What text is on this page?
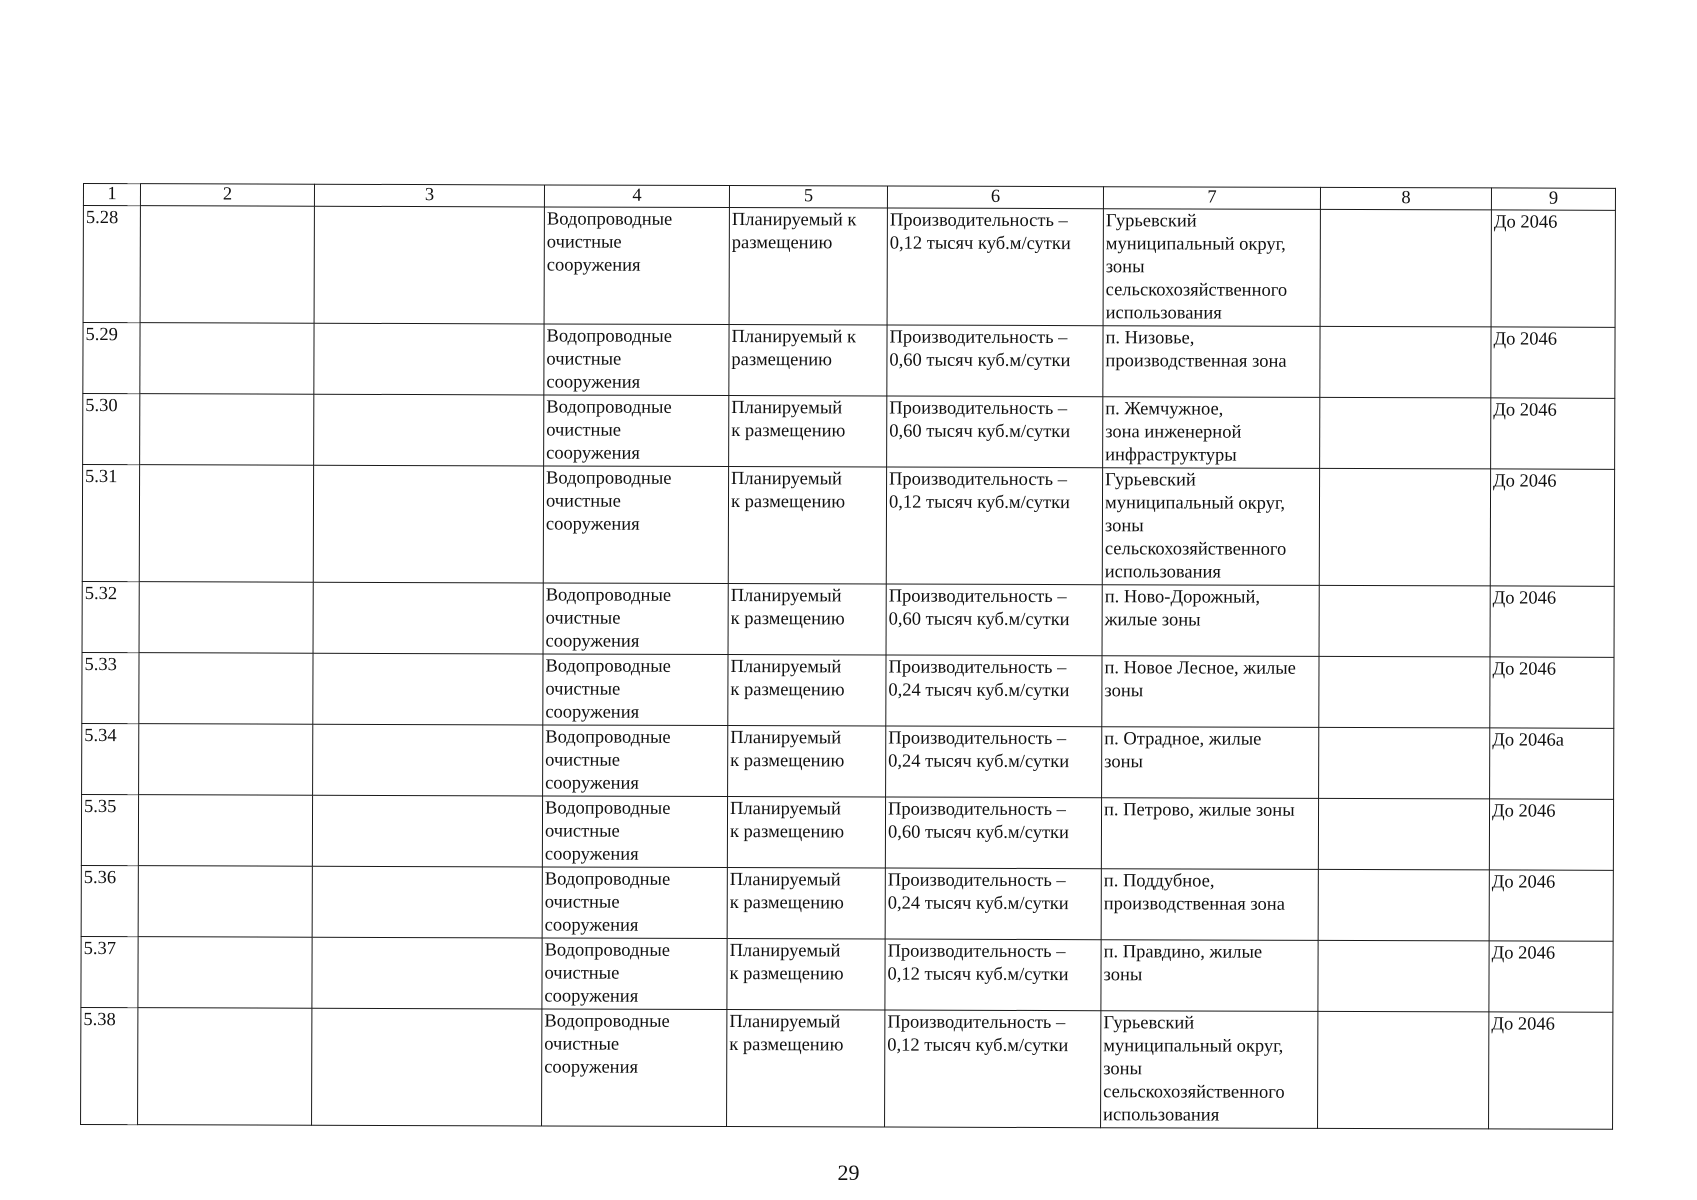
1	2	3	4	5	6	7	8	9
5.28			Водопроводные
очистные
сооружения	Планируемый к
размещению	Производительность –
0,12 тысяч куб.м/сутки	Гурьевский
муниципальный округ,
зоны
сельскохозяйственного
использования		До 2046
5.29			Водопроводные
очистные
сооружения	Планируемый к
размещению	Производительность –
0,60 тысяч куб.м/сутки	п. Низовье,
производственная зона		До 2046
5.30			Водопроводные
очистные
сооружения	Планируемый
к размещению	Производительность –
0,60 тысяч куб.м/сутки	п. Жемчужное,
зона инженерной
инфраструктуры		До 2046
5.31			Водопроводные
очистные
сооружения	Планируемый
к размещению	Производительность –
0,12 тысяч куб.м/сутки	Гурьевский
муниципальный округ,
зоны
сельскохозяйственного
использования		До 2046
5.32			Водопроводные
очистные
сооружения	Планируемый
к размещению	Производительность –
0,60 тысяч куб.м/сутки	п. Ново-Дорожный,
жилые зоны		До 2046
5.33			Водопроводные
очистные
сооружения	Планируемый
к размещению	Производительность –
0,24 тысяч куб.м/сутки	п. Новое Лесное, жилые
зоны		До 2046
5.34			Водопроводные
очистные
сооружения	Планируемый
к размещению	Производительность –
0,24 тысяч куб.м/сутки	п. Отрадное, жилые
зоны		До 2046а
5.35			Водопроводные
очистные
сооружения	Планируемый
к размещению	Производительность –
0,60 тысяч куб.м/сутки	п. Петрово, жилые зоны		До 2046
5.36			Водопроводные
очистные
сооружения	Планируемый
к размещению	Производительность –
0,24 тысяч куб.м/сутки	п. Поддубное,
производственная зона		До 2046
5.37			Водопроводные
очистные
сооружения	Планируемый
к размещению	Производительность –
0,12 тысяч куб.м/сутки	п. Правдино, жилые
зоны		До 2046
5.38			Водопроводные
очистные
сооружения	Планируемый
к размещению	Производительность –
0,12 тысяч куб.м/сутки	Гурьевский
муниципальный округ,
зоны
сельскохозяйственного
использования		До 2046
29
